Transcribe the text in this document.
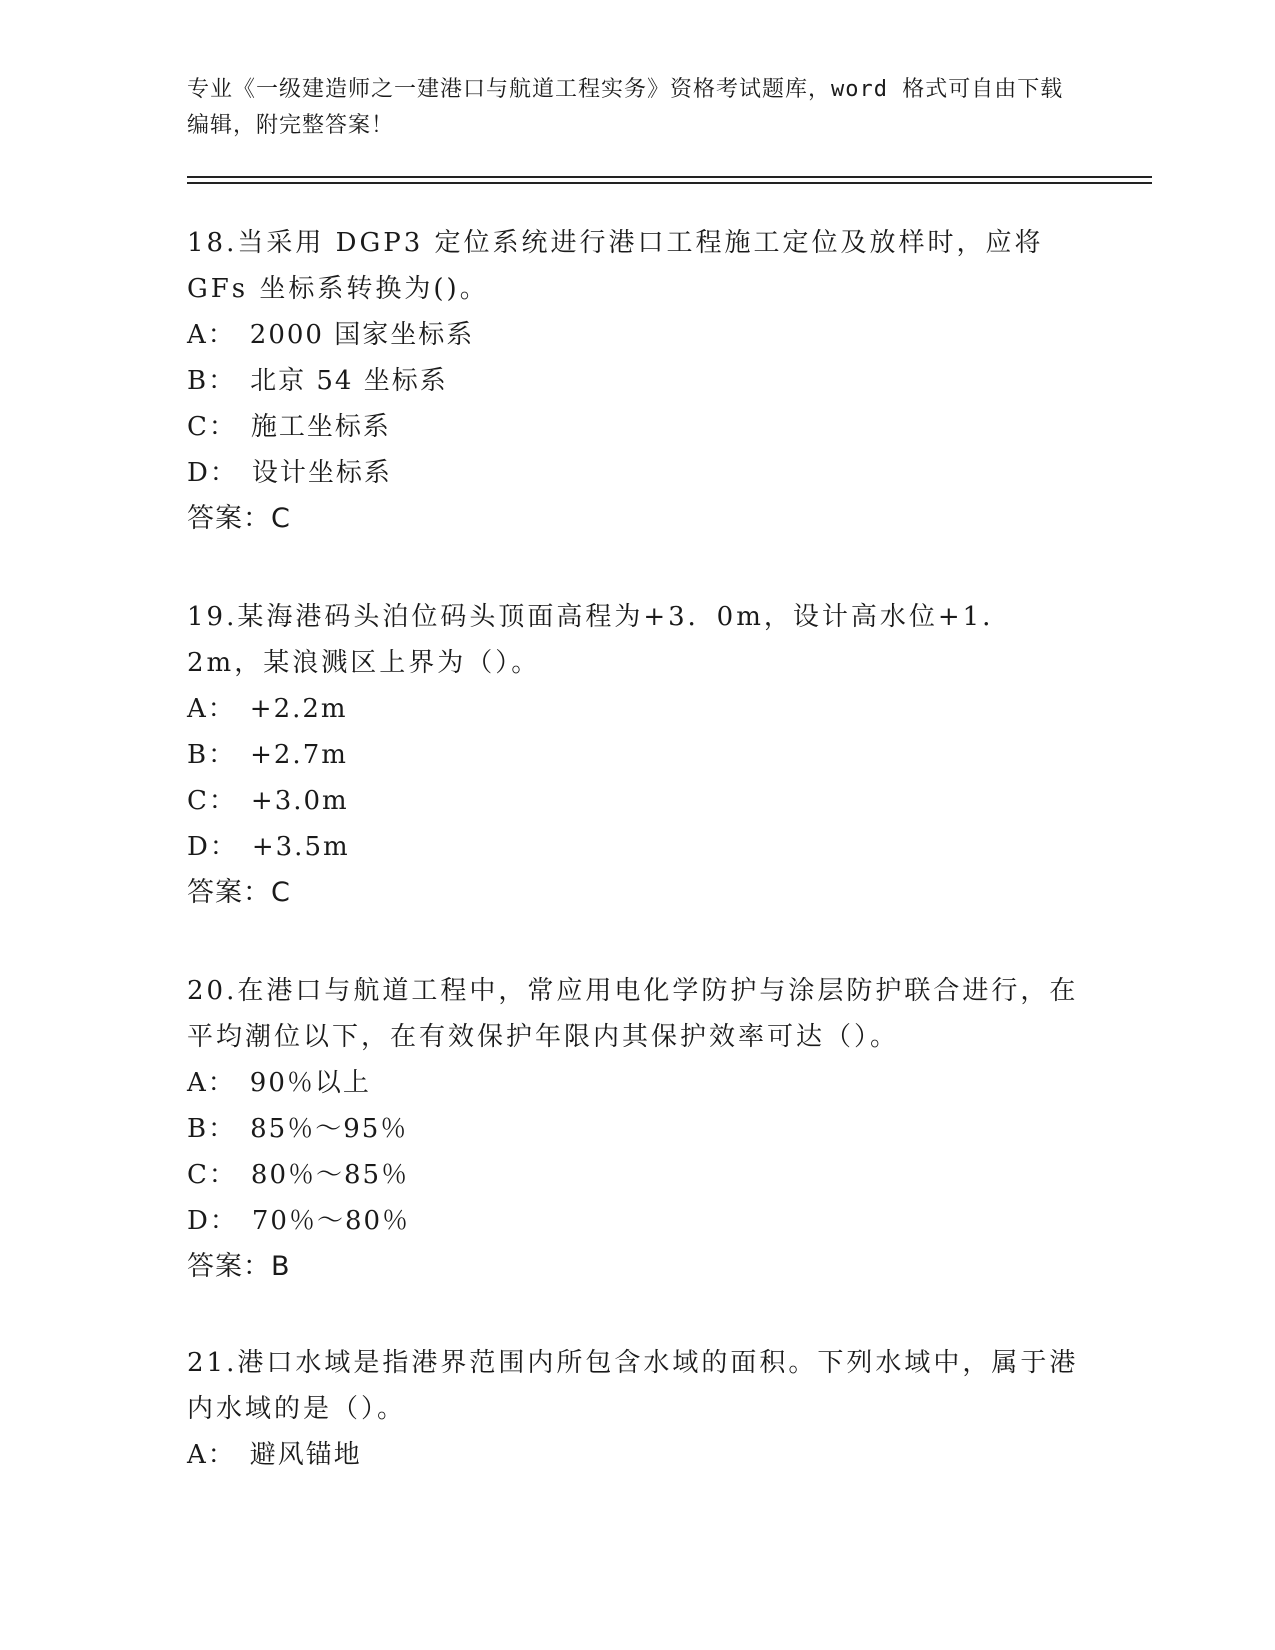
专业《一级建造师之一建港口与航道工程实务》资格考试题库，word 格式可自由下载编辑，附完整答案！

18.当采用 DGP3 定位系统进行港口工程施工定位及放样时，应将 GFs 坐标系转换为()。

A： 2000 国家坐标系

B： 北京 54 坐标系

C： 施工坐标系

D： 设计坐标系

答案：C

19.某海港码头泊位码头顶面高程为+3．0m，设计高水位+1．2m，某浪溅区上界为（）。

A： +2.2m

B： +2.7m

C： +3.0m

D： +3.5m

答案：C

20.在港口与航道工程中，常应用电化学防护与涂层防护联合进行，在平均潮位以下，在有效保护年限内其保护效率可达（）。

A： 90％以上

B： 85％～95％

C： 80％～85％

D： 70％～80％

答案：B

21.港口水域是指港界范围内所包含水域的面积。下列水域中，属于港内水域的是（）。

A： 避风锚地
